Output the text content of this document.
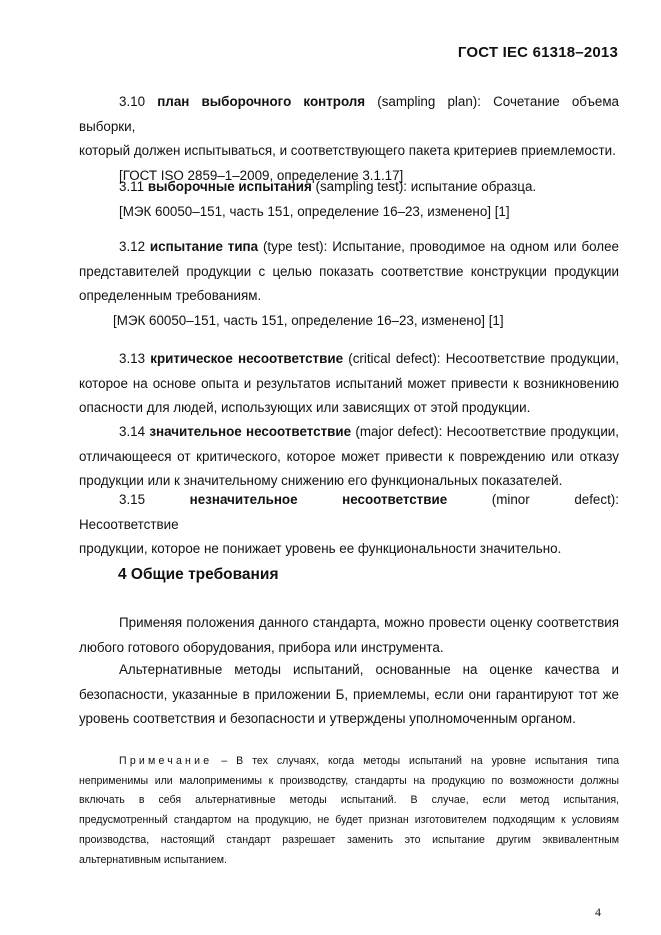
ГОСТ IEC 61318–2013

3.10 план выборочного контроля (sampling plan): Сочетание объема выборки,

который должен испытываться, и соответствующего пакета критериев приемлемости.

[ГОСТ ISO 2859–1–2009, определение 3.1.17]

3.11 выборочные испытания (sampling test): испытание образца.

[МЭК 60050–151, часть 151, определение 16–23, изменено] [1]

3.12 испытание типа (type test): Испытание, проводимое на одном или более

представителей продукции с целью показать соответствие конструкции продукции

определенным требованиям.

[МЭК 60050–151, часть 151, определение 16–23, изменено] [1]

3.13 критическое несоответствие (critical defect): Несоответствие продукции,

которое на основе опыта и результатов испытаний может привести к возникновению

опасности для людей, использующих или зависящих от этой продукции.

3.14 значительное несоответствие (major defect): Несоответствие продукции,

отличающееся от критического, которое может привести к повреждению или отказу

продукции или к значительному снижению его функциональных показателей.

3.15	незначительное несоответствие	(minor defect): Несоответствие

продукции, которое не понижает уровень ее функциональности значительно.

4 Общие требования

Применяя положения данного стандарта, можно провести оценку соответствия

любого готового оборудования, прибора или инструмента.

Альтернативные методы испытаний, основанные на оценке качества и

безопасности, указанные в приложении Б, приемлемы, если они гарантируют тот же

уровень соответствия и безопасности и утверждены уполномоченным органом.

Примечание – В тех случаях, когда методы испытаний на уровне испытания типа

неприменимы или малоприменимы к производству, стандарты на продукцию по возможности должны

включать в себя альтернативные методы испытаний. В случае, если метод испытания,

предусмотренный стандартом на продукцию, не будет признан изготовителем подходящим к условиям

производства, настоящий стандарт разрешает заменить это испытание другим эквивалентным

альтернативным испытанием.

4
